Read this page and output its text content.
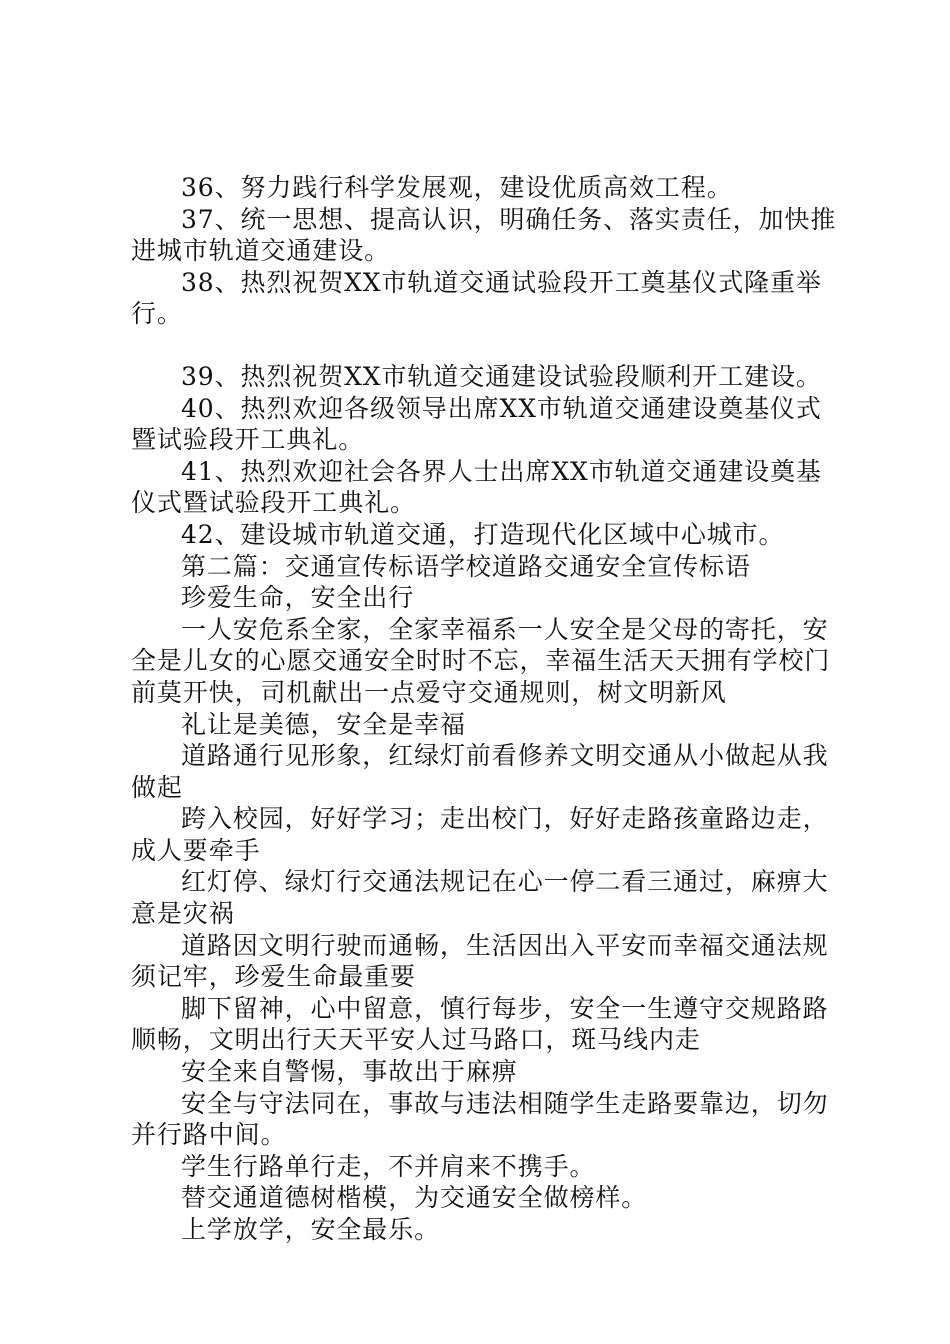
36、努力践行科学发展观，建设优质高效工程。

37、统一思想、提高认识，明确任务、落实责任，加快推进城市轨道交通建设。

38、热烈祝贺XX市轨道交通试验段开工奠基仪式隆重举行。

39、热烈祝贺XX市轨道交通建设试验段顺利开工建设。

40、热烈欢迎各级领导出席XX市轨道交通建设奠基仪式暨试验段开工典礼。

41、热烈欢迎社会各界人士出席XX市轨道交通建设奠基仪式暨试验段开工典礼。

42、建设城市轨道交通，打造现代化区域中心城市。

第二篇：交通宣传标语学校道路交通安全宣传标语

珍爱生命，安全出行

一人安危系全家，全家幸福系一人安全是父母的寄托，安全是儿女的心愿交通安全时时不忘，幸福生活天天拥有学校门前莫开快，司机献出一点爱守交通规则，树文明新风

礼让是美德，安全是幸福

道路通行见形象，红绿灯前看修养文明交通从小做起从我做起

跨入校园，好好学习；走出校门，好好走路孩童路边走，成人要牵手

红灯停、绿灯行交通法规记在心一停二看三通过，麻痹大意是灾祸

道路因文明行驶而通畅，生活因出入平安而幸福交通法规须记牢，珍爱生命最重要

脚下留神，心中留意，慎行每步，安全一生遵守交规路路顺畅，文明出行天天平安人过马路口，斑马线内走

安全来自警惕，事故出于麻痹

安全与守法同在，事故与违法相随学生走路要靠边，切勿并行路中间。

学生行路单行走，不并肩来不携手。

替交通道德树楷模，为交通安全做榜样。

上学放学，安全最乐。
